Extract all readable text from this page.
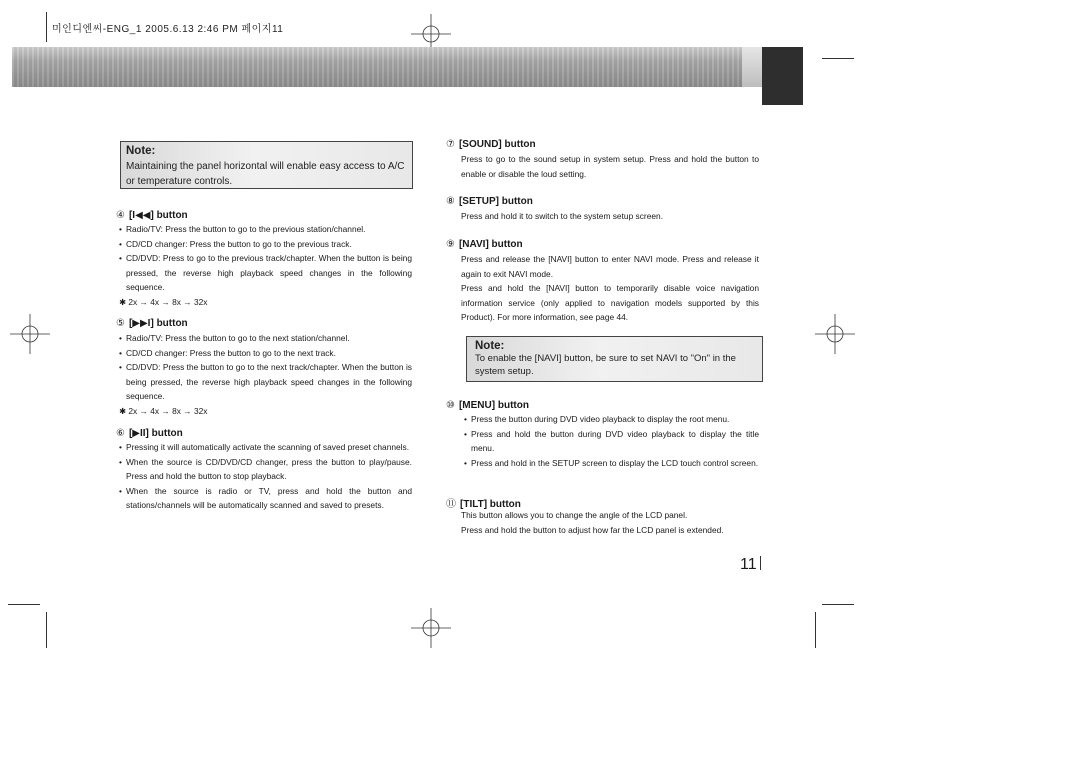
미인디엔씨-ENG_1 2005.6.13 2:46 PM 페이지11
Note:
Maintaining the panel horizontal will enable easy access to A/C or temperature controls.
④ [I◀◀] button

• Radio/TV: Press the button to go to the previous station/channel.

• CD/CD changer: Press the button to go to the previous track.

• CD/DVD: Press to go to the previous track/chapter. When the button is being pressed, the reverse high playback speed changes in the following sequence.

✱ 2x → 4x → 8x → 32x

⑤ [▶▶I] button

• Radio/TV: Press the button to go to the next station/channel.

• CD/CD changer: Press the button to go to the next track.

• CD/DVD: Press the button to go to the next track/chapter. When the button is being pressed, the reverse high playback speed changes in the following sequence.

✱ 2x → 4x → 8x → 32x

⑥ [▶II] button

• Pressing it will automatically activate the scanning of saved preset channels.

• When the source is CD/DVD/CD changer, press the button to play/pause. Press and hold the button to stop playback.

• When the source is radio or TV, press and hold the button and stations/channels will be automatically scanned and saved to presets.

⑦ [SOUND] button
Press to go to the sound setup in system setup. Press and hold the button to enable or disable the loud setting.
⑧ [SETUP] button
Press and hold it to switch to the system setup screen.
⑨ [NAVI] button
Press and release the [NAVI] button to enter NAVI mode. Press and release it again to exit NAVI mode.
Press and hold the [NAVI] button to temporarily disable voice navigation information service (only applied to navigation models supported by this Product). For more information, see page 44.
Note:
To enable the [NAVI] button, be sure to set NAVI to "On" in the system setup.
⑩ [MENU] button

• Press the button during DVD video playback to display the root menu.

• Press and hold the button during DVD video playback to display the title menu.

• Press and hold in the SETUP screen to display the LCD touch control screen.

⑪ [TILT] button
This button allows you to change the angle of the LCD panel.
Press and hold the button to adjust how far the LCD panel is extended.
11
